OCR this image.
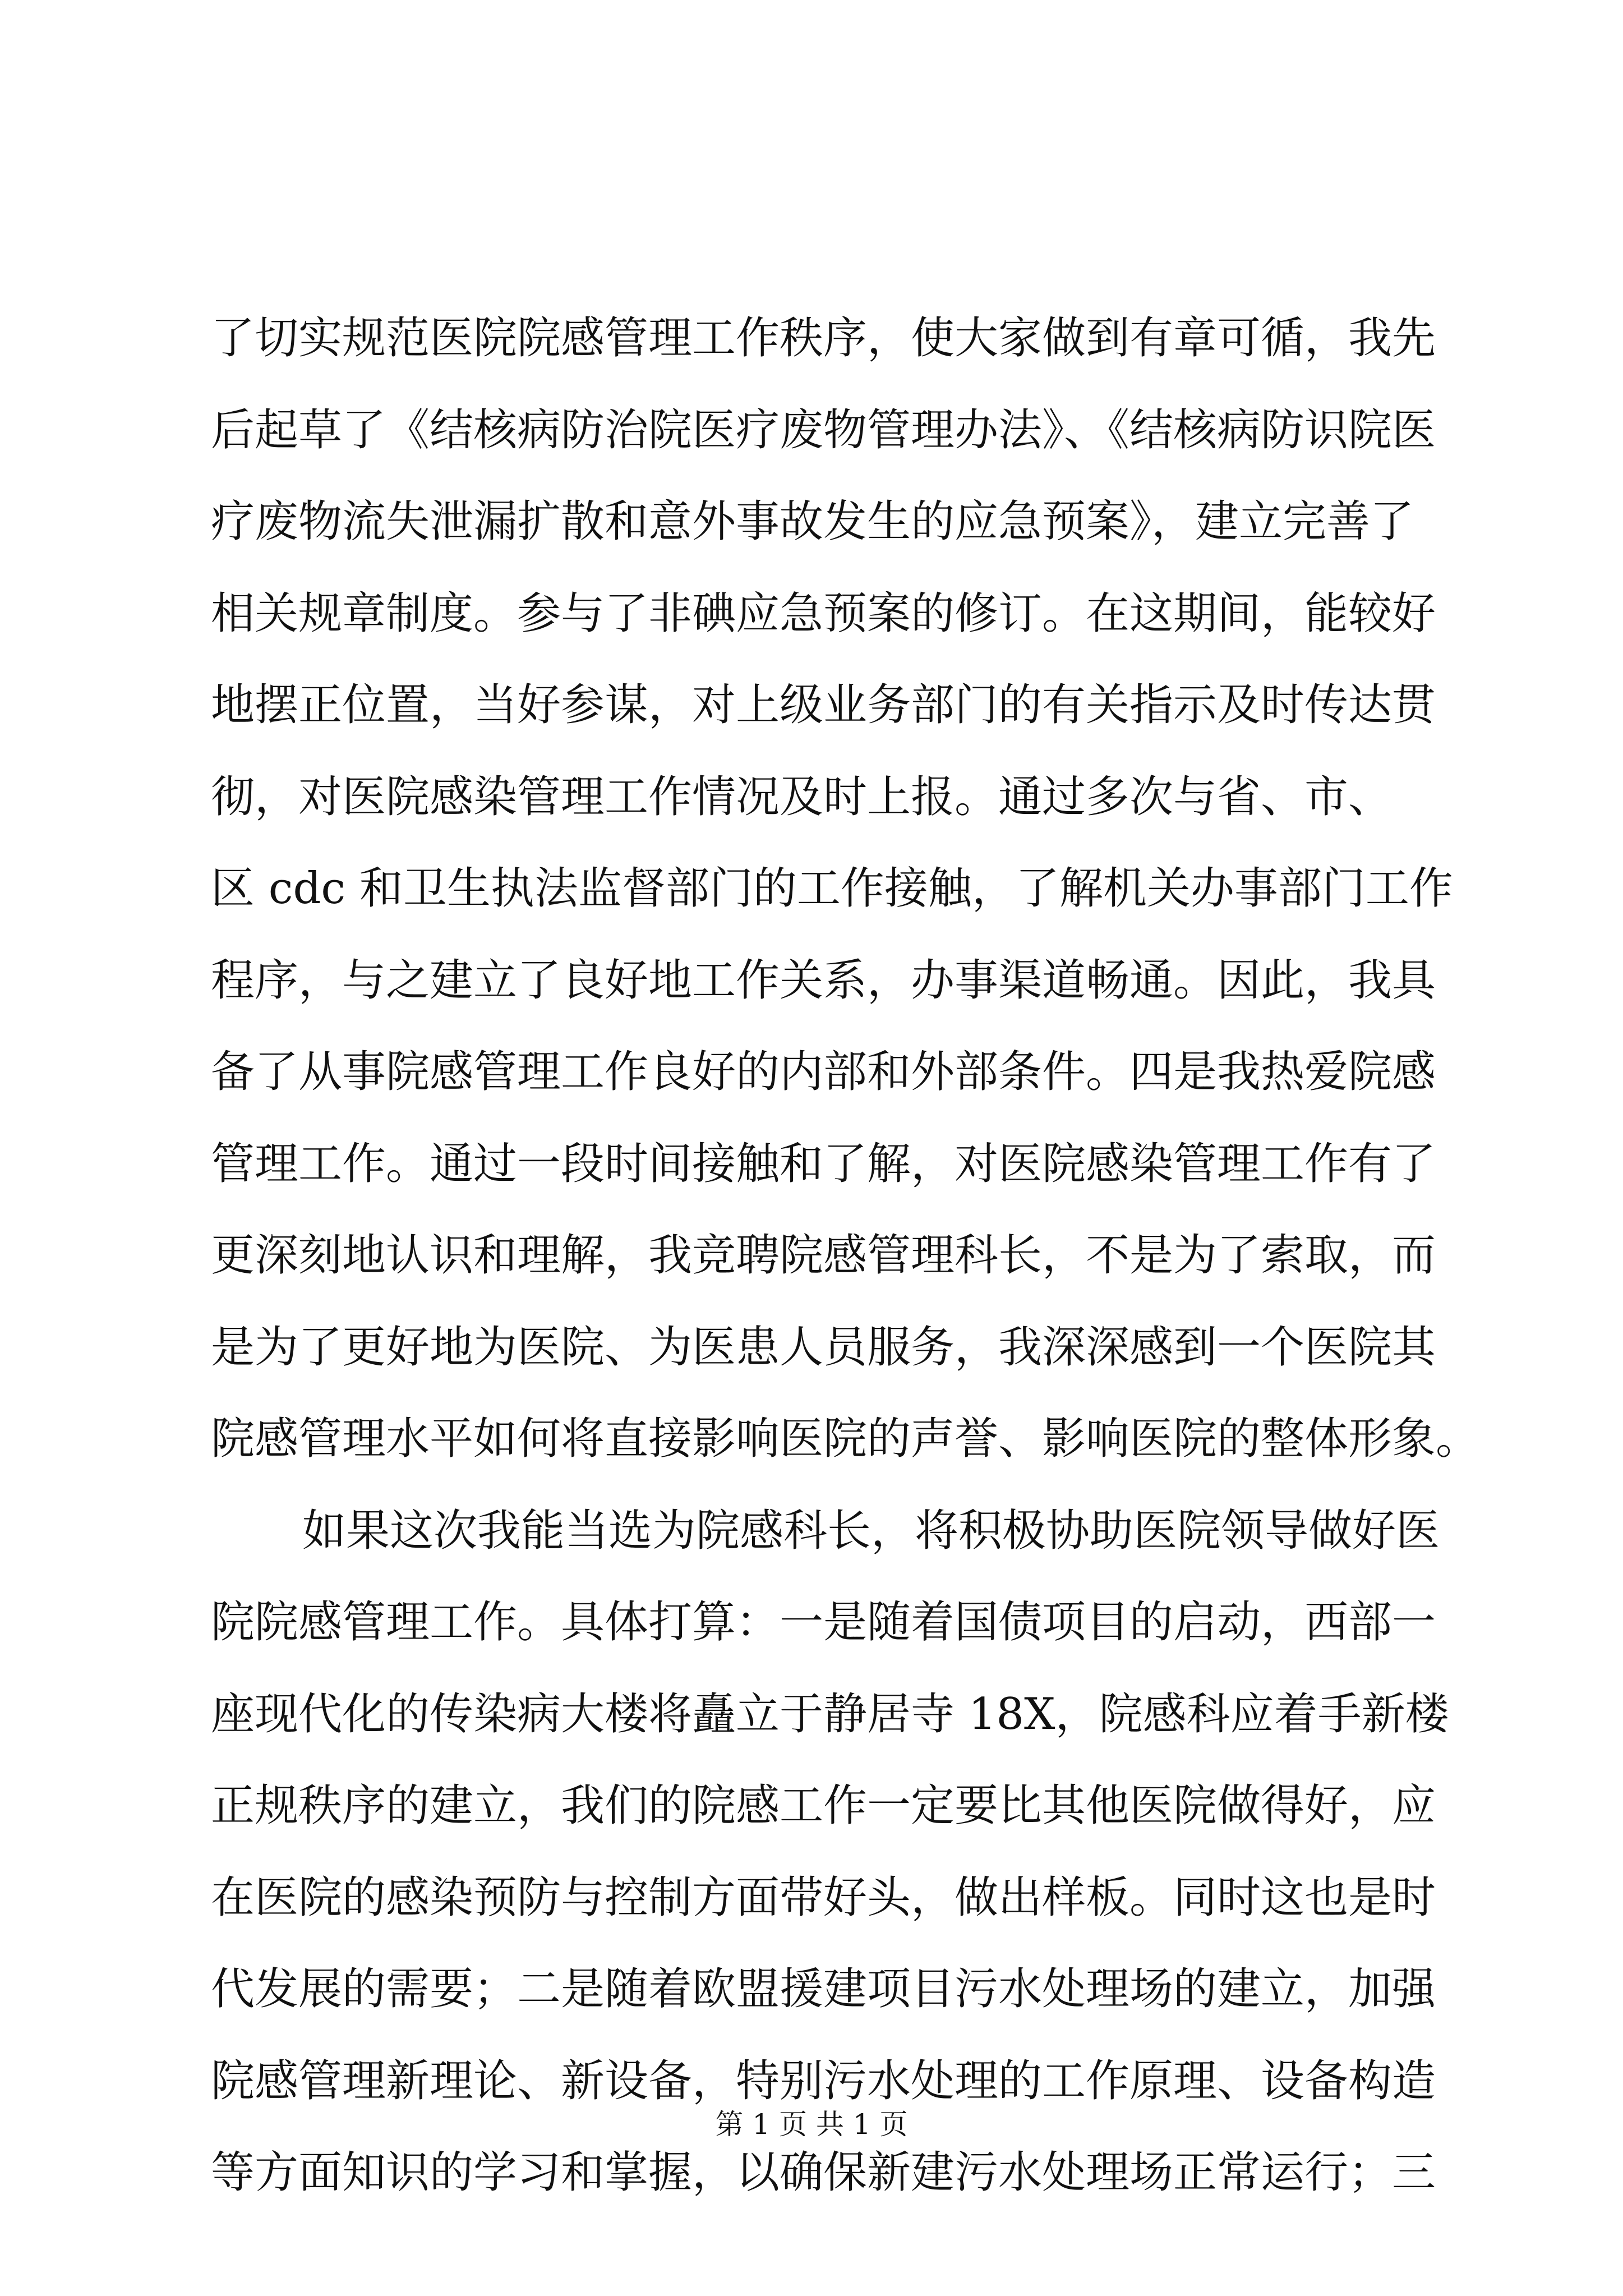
了切实规范医院院感管理工作秩序，使大家做到有章可循，我先
后起草了《结核病防治院医疗废物管理办法》、《结核病防识院医
疗废物流失泄漏扩散和意外事故发生的应急预案》，建立完善了
相关规章制度。参与了非碘应急预案的修订。在这期间，能较好
地摆正位置，当好参谋，对上级业务部门的有关指示及时传达贯
彻，对医院感染管理工作情况及时上报。通过多次与省、市、
区 cdc 和卫生执法监督部门的工作接触，了解机关办事部门工作
程序，与之建立了良好地工作关系，办事渠道畅通。因此，我具
备了从事院感管理工作良好的内部和外部条件。四是我热爱院感
管理工作。通过一段时间接触和了解，对医院感染管理工作有了
更深刻地认识和理解，我竞聘院感管理科长，不是为了索取，而
是为了更好地为医院、为医患人员服务，我深深感到一个医院其
院感管理水平如何将直接影响医院的声誉、影响医院的整体形象。
如果这次我能当选为院感科长，将积极协助医院领导做好医
院院感管理工作。具体打算：一是随着国债项目的启动，西部一
座现代化的传染病大楼将矗立于静居寺 18X，院感科应着手新楼
正规秩序的建立，我们的院感工作一定要比其他医院做得好，应
在医院的感染预防与控制方面带好头，做出样板。同时这也是时
代发展的需要；二是随着欧盟援建项目污水处理场的建立，加强
院感管理新理论、新设备，特别污水处理的工作原理、设备构造
等方面知识的学习和掌握，以确保新建污水处理场正常运行；三
第 1 页 共 1 页
